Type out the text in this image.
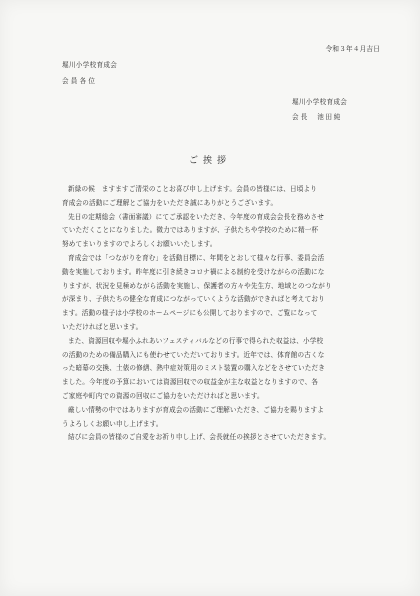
令和３年４月吉日
堀川小学校育成会
会員各位
堀川小学校育成会
会長 池田純
ご挨拶
新緑の候　ますますご清栄のことお喜び申し上げます。会員の皆様には、日頃より
育成会の活動にご理解とご協力をいただき誠にありがとうございます。
先日の定期総会（書面審議）にてご承認をいただき、今年度の育成会会長を務めさせ
ていただくことになりました。微力ではありますが、子供たちや学校のために精一杯
努めてまいりますのでよろしくお願いいたします。
育成会では「つながりを育む」を活動目標に、年間をとおして様々な行事、委員会活
動を実施しております。昨年度に引き続きコロナ禍による制約を受けながらの活動にな
りますが、状況を見極めながら活動を実施し、保護者の方々や先生方、地域とのつながり
が深まり、子供たちの健全な育成につながっていくような活動ができればと考えており
ます。活動の様子は小学校のホームページにも公開しておりますので、ご覧になって
いただければと思います。
また、資源回収や堀小ふれあいフェスティバルなどの行事で得られた収益は、小学校
の活動のための備品購入にも使わせていただいております。近年では、体育館の古くな
った暗幕の交換、土俵の修繕、熱中症対策用のミスト装置の購入などをさせていただき
ました。今年度の予算においては資源回収での収益金が主な収益となりますので、各
ご家庭や町内での資源の回収にご協力をいただければと思います。
厳しい情勢の中ではありますが育成会の活動にご理解いただき、ご協力を賜りますよ
うよろしくお願い申し上げます。
結びに会員の皆様のご自愛をお祈り申し上げ、会長就任の挨拶とさせていただきます。
